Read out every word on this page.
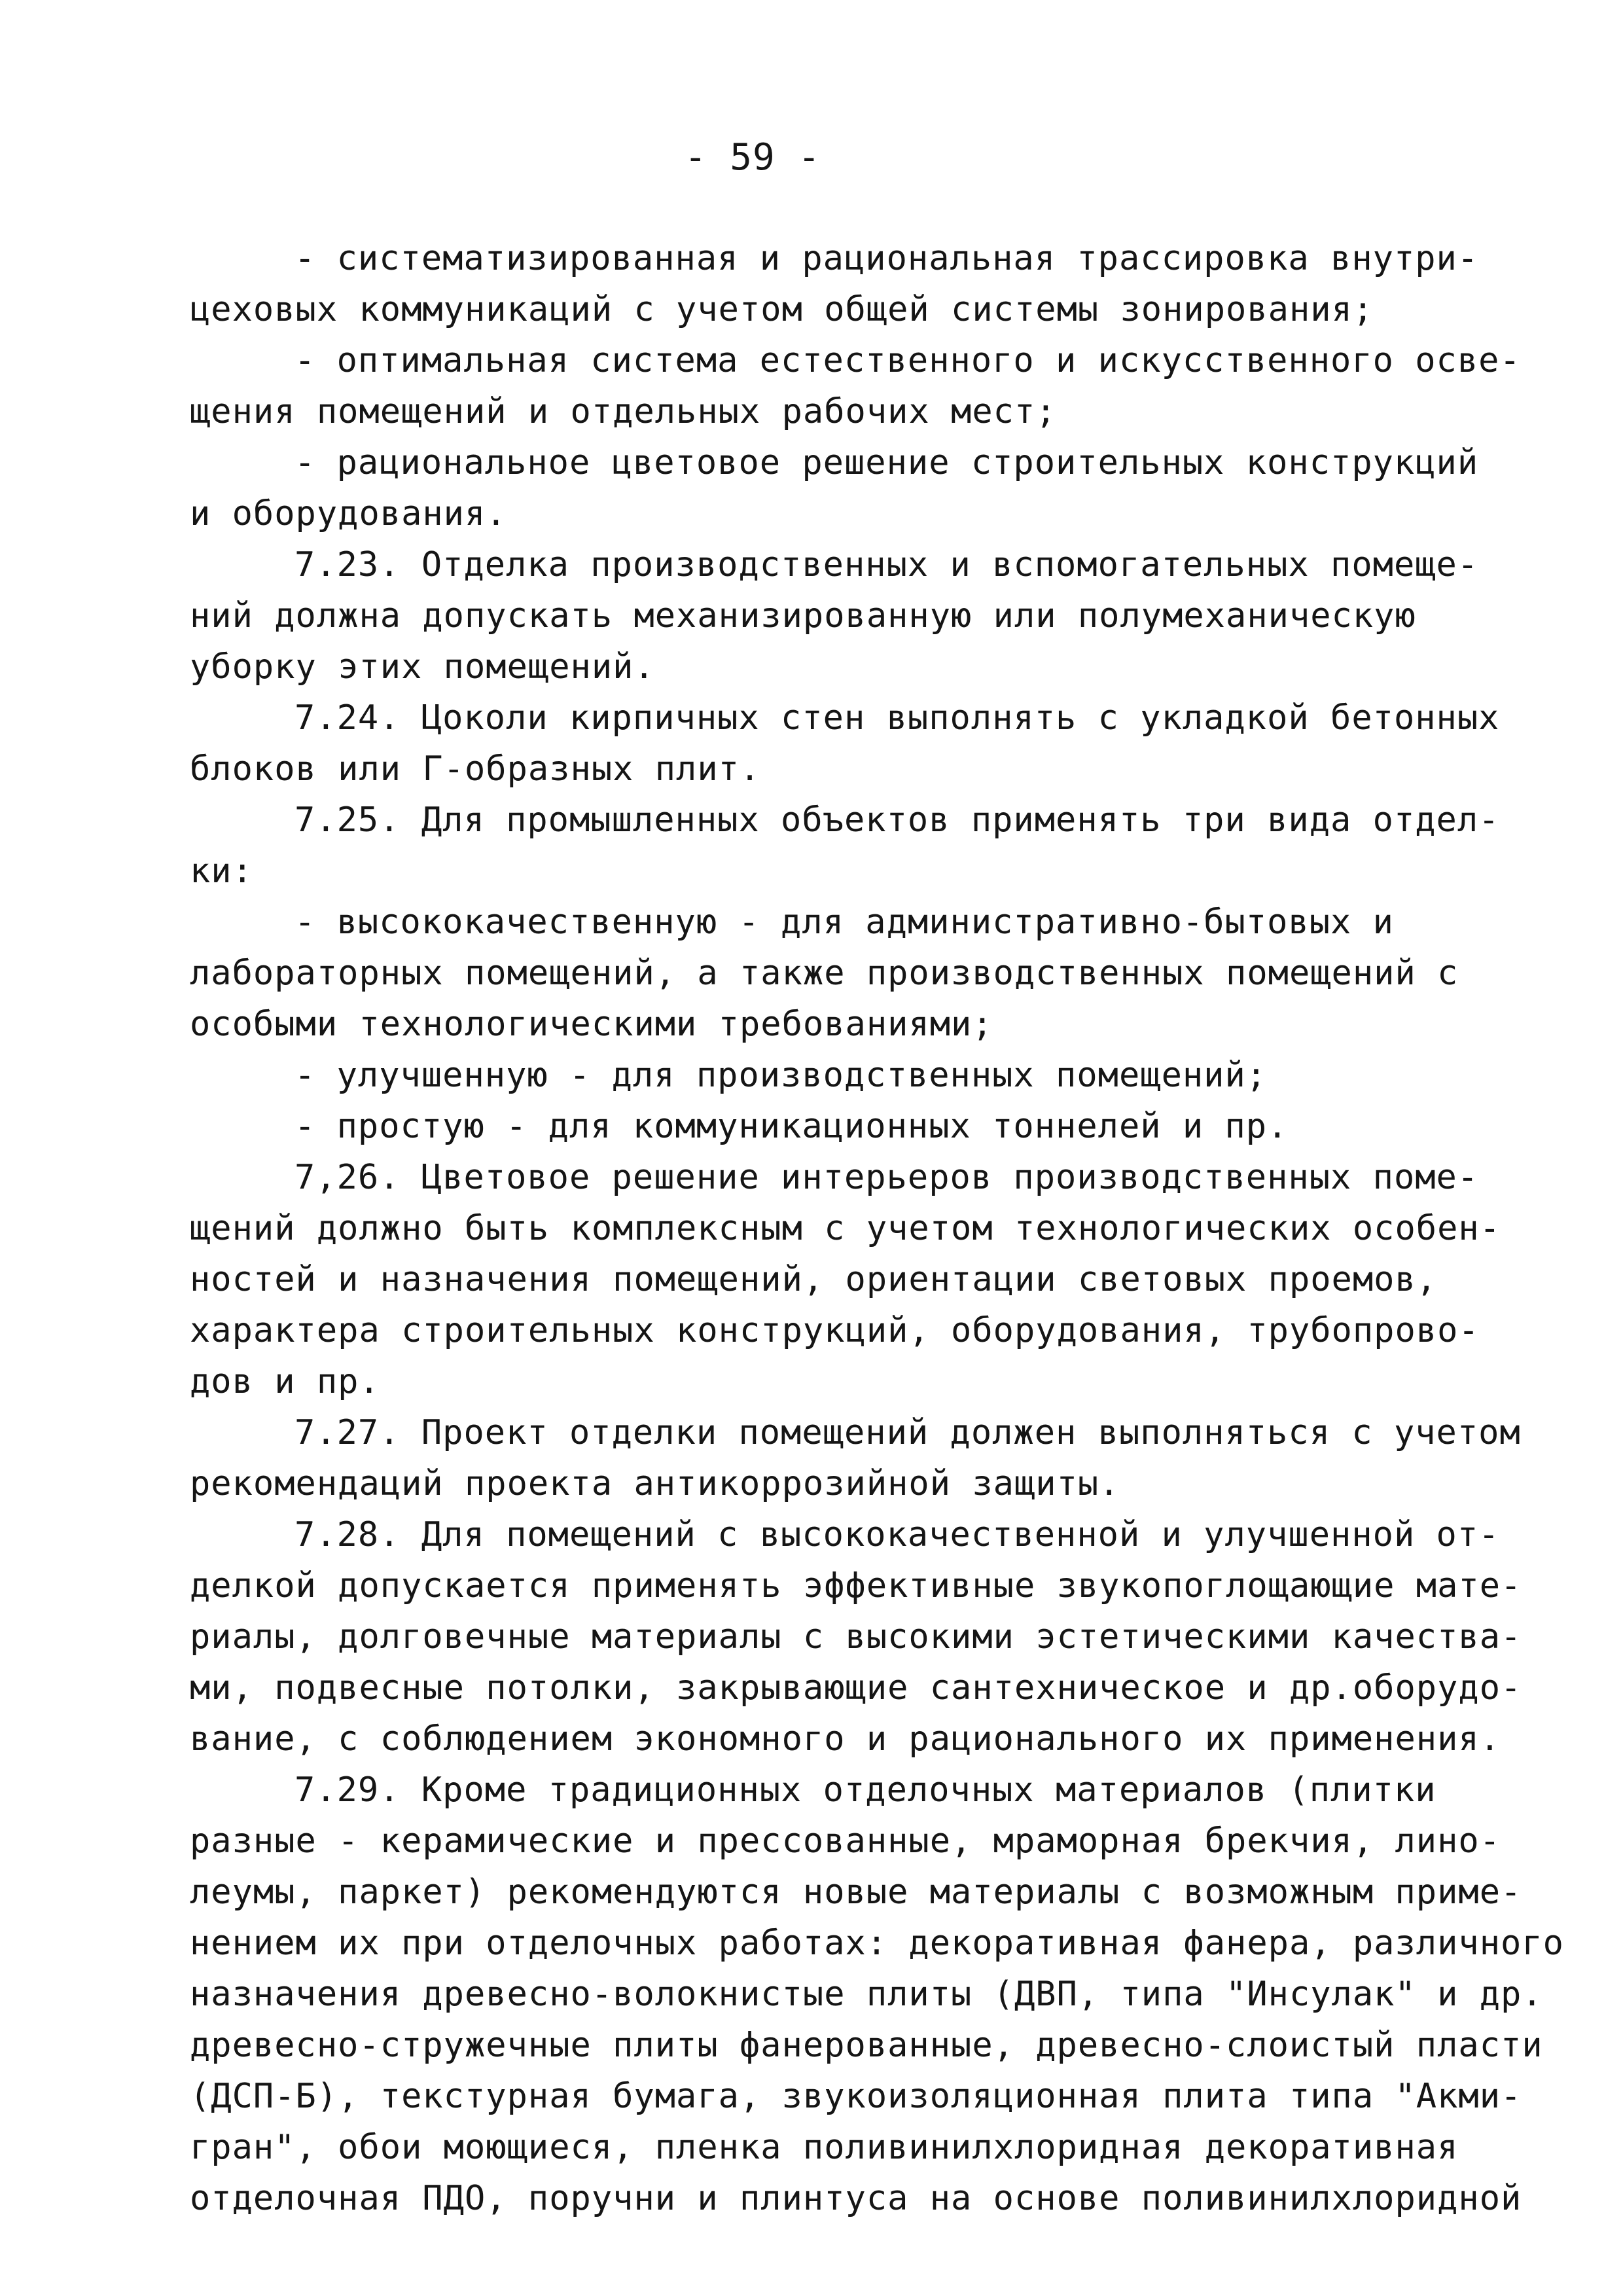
- 59 -
- систематизированная и рациональная трассировка внутри-
цеховых коммуникаций с учетом общей системы зонирования;
- оптимальная система естественного и искусственного осве-
щения помещений и отдельных рабочих мест;
- рациональное цветовое решение строительных конструкций
и оборудования.
7.23. Отделка производственных и вспомогательных помеще-
ний должна допускать механизированную или полумеханическую
уборку этих помещений.
7.24. Цоколи кирпичных стен выполнять с укладкой бетонных
блоков или Г-образных плит.
7.25. Для промышленных объектов применять три вида отдел-
ки:
- высококачественную - для административно-бытовых и
лабораторных помещений, а также производственных помещений с
особыми технологическими требованиями;
- улучшенную - для производственных помещений;
- простую - для коммуникационных тоннелей и пр.
7,26. Цветовое решение интерьеров производственных поме-
щений должно быть комплексным с учетом технологических особен-
ностей и назначения помещений, ориентации световых проемов,
характера строительных конструкций, оборудования, трубопрово-
дов и пр.
7.27. Проект отделки помещений должен выполняться с учетом
рекомендаций проекта антикоррозийной защиты.
7.28. Для помещений с высококачественной и улучшенной от-
делкой допускается применять эффективные звукопоглощающие мате-
риалы, долговечные материалы с высокими эстетическими качества-
ми, подвесные потолки, закрывающие сантехническое и др.оборудо-
вание, с соблюдением экономного и рационального их применения.
7.29. Кроме традиционных отделочных материалов (плитки
разные - керамические и прессованные, мраморная брекчия, лино-
леумы, паркет) рекомендуются новые материалы с возможным приме-
нением их при отделочных работах: декоративная фанера, различного
назначения древесно-волокнистые плиты (ДВП, типа "Инсулак" и др.
древесно-стружечные плиты фанерованные, древесно-слоистый пласти
(ДСП-Б), текстурная бумага, звукоизоляционная плита типа "Акми-
гран", обои моющиеся, пленка поливинилхлоридная декоративная
отделочная ПДО, поручни и плинтуса на основе поливинилхлоридной
